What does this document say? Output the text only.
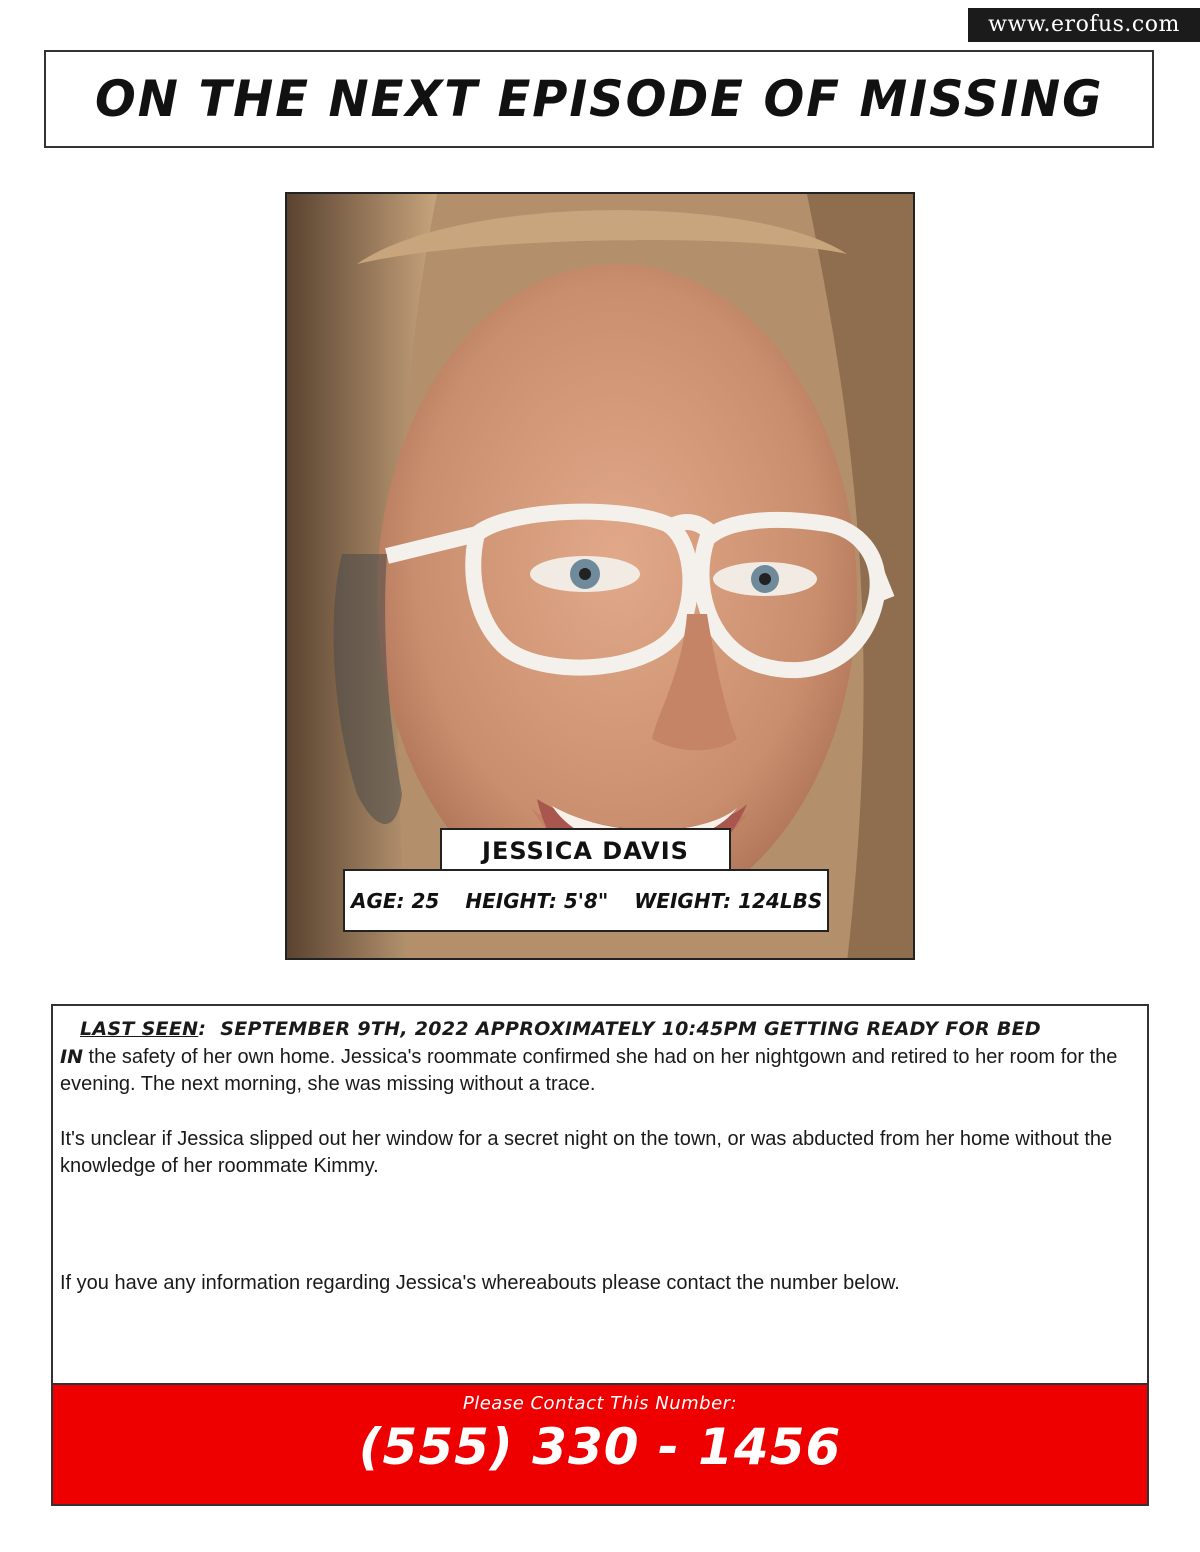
www.erofus.com
ON THE NEXT EPISODE OF MISSING
JESSICA DAVIS
AGE: 25 HEIGHT: 5'8" WEIGHT: 124LBS
LAST SEEN: SEPTEMBER 9TH, 2022 APPROXIMATELY 10:45PM GETTING READY FOR BED
IN the safety of her own home. Jessica's roommate confirmed she had on her nightgown and retired to her room for the evening. The next morning, she was missing without a trace.
It's unclear if Jessica slipped out her window for a secret night on the town, or was abducted from her home without the knowledge of her roommate Kimmy.
If you have any information regarding Jessica's whereabouts please contact the number below.
Please Contact This Number:
(555) 330 - 1456
